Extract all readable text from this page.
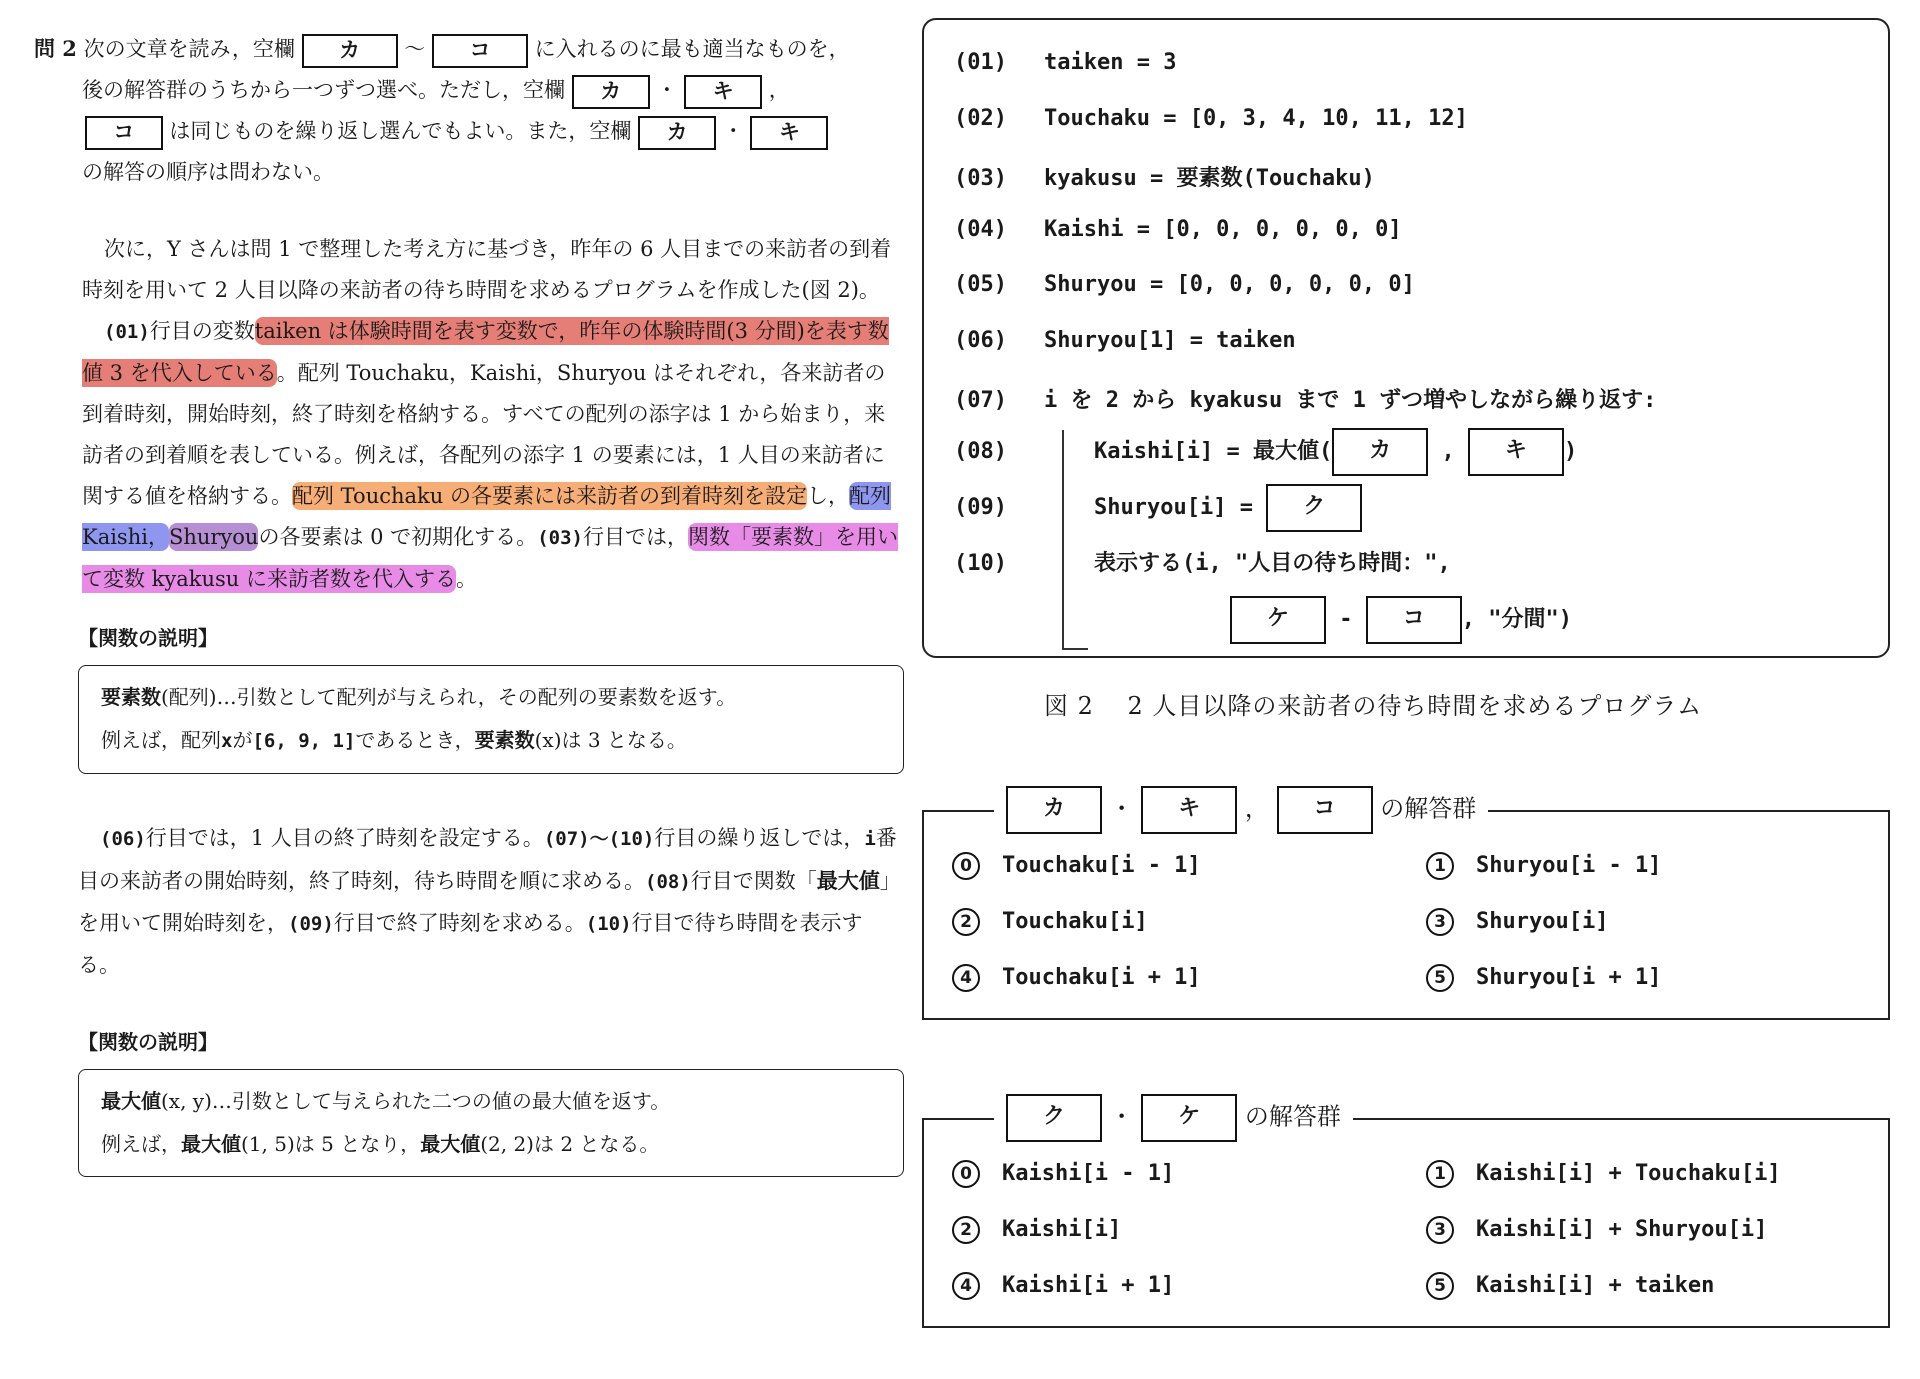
問 2 次の文章を読み，空欄 カ ～ コ に入れるのに最も適当なものを，
後の解答群のうちから一つずつ選べ。ただし，空欄 カ ・ キ ，
コ は同じものを繰り返し選んでもよい。また，空欄 カ ・ キ
の解答の順序は問わない。

次に，Y さんは問 1 で整理した考え方に基づき，昨年の 6 人目までの来訪者の到着時刻を用いて 2 人目以降の来訪者の待ち時間を求めるプログラムを作成した(図 2)。

(01)行目の変数taiken は体験時間を表す変数で，昨年の体験時間(3 分間)を表す数値 3 を代入している。配列 Touchaku，Kaishi，Shuryou はそれぞれ，各来訪者の到着時刻，開始時刻，終了時刻を格納する。すべての配列の添字は 1 から始まり，来訪者の到着順を表している。例えば，各配列の添字 1 の要素には，1 人目の来訪者に関する値を格納する。配列 Touchaku の各要素には来訪者の到着時刻を設定し，配列 Kaishi，Shuryouの各要素は 0 で初期化する。(03)行目では，関数「要素数」を用いて変数 kyakusu に来訪者数を代入する。

【関数の説明】

要素数(配列)…引数として配列が与えられ，その配列の要素数を返す。
例えば，配列xが[6, 9, 1]であるとき，要素数(x)は 3 となる。

(06)行目では，1 人目の終了時刻を設定する。(07)～(10)行目の繰り返しでは，i番目の来訪者の開始時刻，終了時刻，待ち時間を順に求める。(08)行目で関数「最大値」を用いて開始時刻を，(09)行目で終了時刻を求める。(10)行目で待ち時間を表示する。

【関数の説明】

最大値(x, y)…引数として与えられた二つの値の最大値を返す。
例えば，最大値(1, 5)は 5 となり，最大値(2, 2)は 2 となる。
(01) taiken = 3
(02) Touchaku = [0, 3, 4, 10, 11, 12]
(03) kyakusu = 要素数(Touchaku)
(04) Kaishi = [0, 0, 0, 0, 0, 0]
(05) Shuryou = [0, 0, 0, 0, 0, 0]
(06) Shuryou[1] = taiken
(07) i を 2 から kyakusu まで 1 ずつ増やしながら繰り返す:
(08)	Kaishi[i] = 最大値( カ , キ )
(09)	Shuryou[i] = ク
(10)	表示する(i, "人目の待ち時間：",
ケ - コ , "分間")
図 2　 2 人目以降の来訪者の待ち時間を求めるプログラム
カ ・ キ ， コ の解答群
0 Touchaku[i - 1]	1 Shuryou[i - 1]
2 Touchaku[i]	3 Shuryou[i]
4 Touchaku[i + 1]	5 Shuryou[i + 1]
ク ・ ケ の解答群
0 Kaishi[i - 1]	1 Kaishi[i] + Touchaku[i]
2 Kaishi[i]	3 Kaishi[i] + Shuryou[i]
4 Kaishi[i + 1]	5 Kaishi[i] + taiken
